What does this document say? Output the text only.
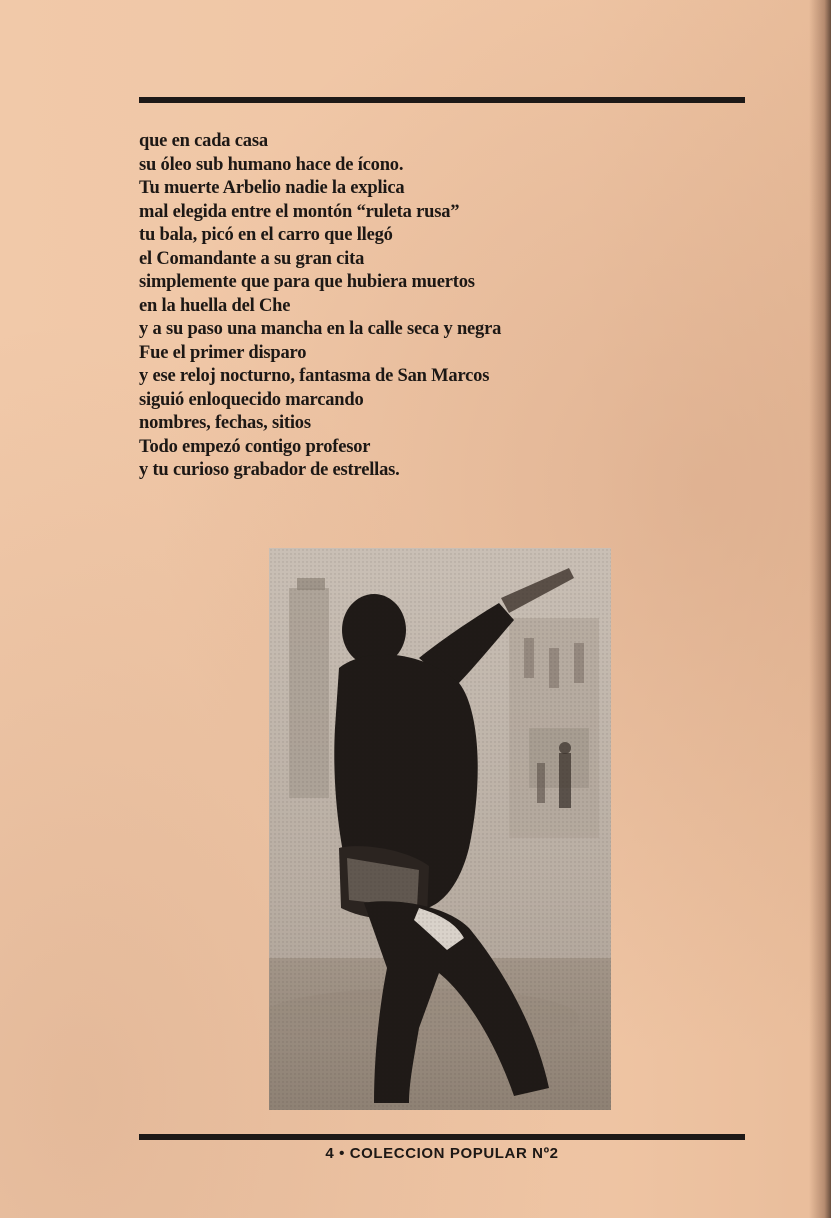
que en cada casa
su óleo sub humano hace de ícono.
Tu muerte Arbelio nadie la explica
mal elegida entre el montón “ruleta rusa”
tu bala, picó en el carro que llegó
el Comandante a su gran cita
simplemente que para que hubiera muertos
en la huella del Che
y a su paso una mancha en la calle seca y negra
Fue el primer disparo
y ese reloj nocturno, fantasma de San Marcos
siguió enloquecido marcando
nombres, fechas, sitios
Todo empezó contigo profesor
y tu curioso grabador de estrellas.
4 • COLECCION POPULAR Nº2
